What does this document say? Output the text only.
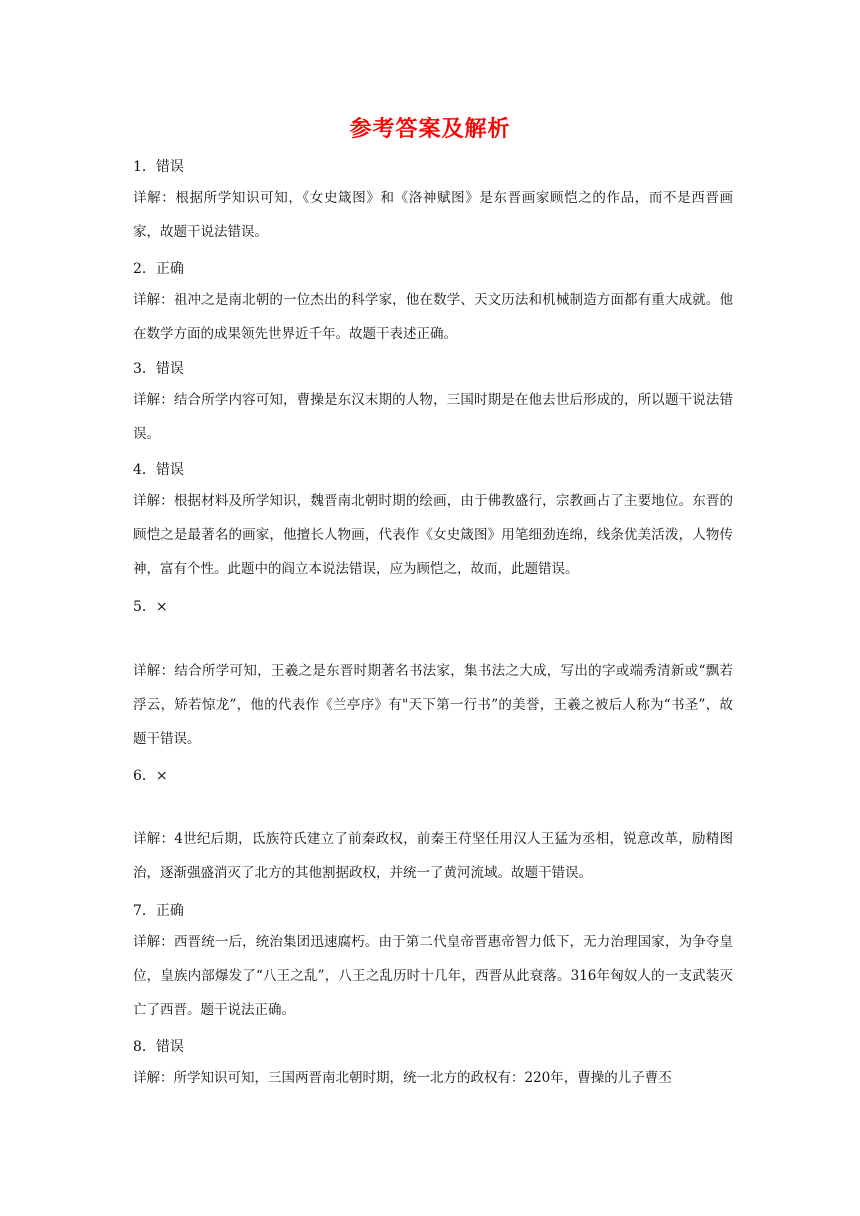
参考答案及解析
1．错误
详解：根据所学知识可知，《女史箴图》和《洛神赋图》是东晋画家顾恺之的作品，而不是西晋画家，故题干说法错误。
2．正确
详解：祖冲之是南北朝的一位杰出的科学家，他在数学、天文历法和机械制造方面都有重大成就。他在数学方面的成果领先世界近千年。故题干表述正确。
3．错误
详解：结合所学内容可知，曹操是东汉末期的人物，三国时期是在他去世后形成的，所以题干说法错误。
4．错误
详解：根据材料及所学知识，魏晋南北朝时期的绘画，由于佛教盛行，宗教画占了主要地位。东晋的顾恺之是最著名的画家，他擅长人物画，代表作《女史箴图》用笔细劲连绵，线条优美活泼，人物传神，富有个性。此题中的阎立本说法错误，应为顾恺之，故而，此题错误。
5．×
详解：结合所学可知，王羲之是东晋时期著名书法家，集书法之大成，写出的字或端秀清新或“飘若浮云，矫若惊龙”，他的代表作《兰亭序》有"天下第一行书”的美誉，王羲之被后人称为“书圣”，故题干错误。
6．×
详解：4世纪后期，氐族符氏建立了前秦政权，前秦王苻坚任用汉人王猛为丞相，锐意改革，励精图治，逐渐强盛消灭了北方的其他割据政权，并统一了黄河流域。故题干错误。
7．正确
详解：西晋统一后，统治集团迅速腐朽。由于第二代皇帝晋惠帝智力低下，无力治理国家，为争夺皇位，皇族内部爆发了“八王之乱”，八王之乱历时十几年，西晋从此衰落。316年匈奴人的一支武装灭亡了西晋。题干说法正确。
8．错误
详解：所学知识可知，三国两晋南北朝时期，统一北方的政权有：220年，曹操的儿子曹丕
